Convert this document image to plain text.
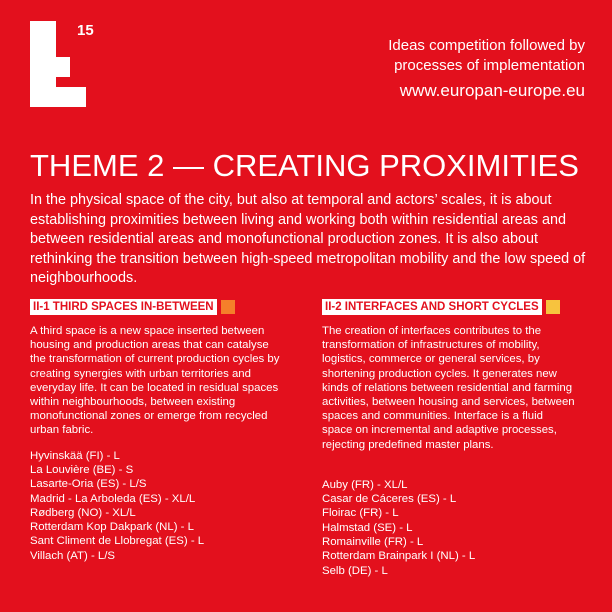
15
Ideas competition followed by
processes of implementation
www.europan-europe.eu
THEME 2 — CREATING PROXIMITIES
In the physical space of the city, but also at temporal and actors’ scales, it is about establishing proximities between living and working both within residential areas and between residential areas and monofunctional production zones. It is also about rethinking the transition between high-speed metropolitan mobility and the low speed of neighbourhoods.
II-1 THIRD SPACES IN-BETWEEN
A third space is a new space inserted between housing and production areas that can catalyse the transformation of current production cycles by creating synergies with urban territories and everyday life. It can be located in residual spaces within neighbourhoods, between existing monofunctional zones or emerge from recycled urban fabric.
Hyvinskää (FI) - L
La Louvière (BE) - S
Lasarte-Oria (ES) - L/S
Madrid - La Arboleda (ES) - XL/L
Rødberg (NO) - XL/L
Rotterdam Kop Dakpark (NL) - L
Sant Climent de Llobregat (ES) - L
Villach (AT) - L/S
II-2 INTERFACES AND SHORT CYCLES
The creation of interfaces contributes to the transformation of infrastructures of mobility, logistics, commerce or general services, by shortening production cycles. It generates new kinds of relations between residential and farming activities, between housing and services, between spaces and communities. Interface is a fluid space on incremental and adaptive processes, rejecting predefined master plans.
Auby (FR) - XL/L
Casar de Cáceres (ES) - L
Floirac (FR) - L
Halmstad (SE) - L
Romainville (FR) - L
Rotterdam Brainpark I (NL) - L
Selb (DE) - L
